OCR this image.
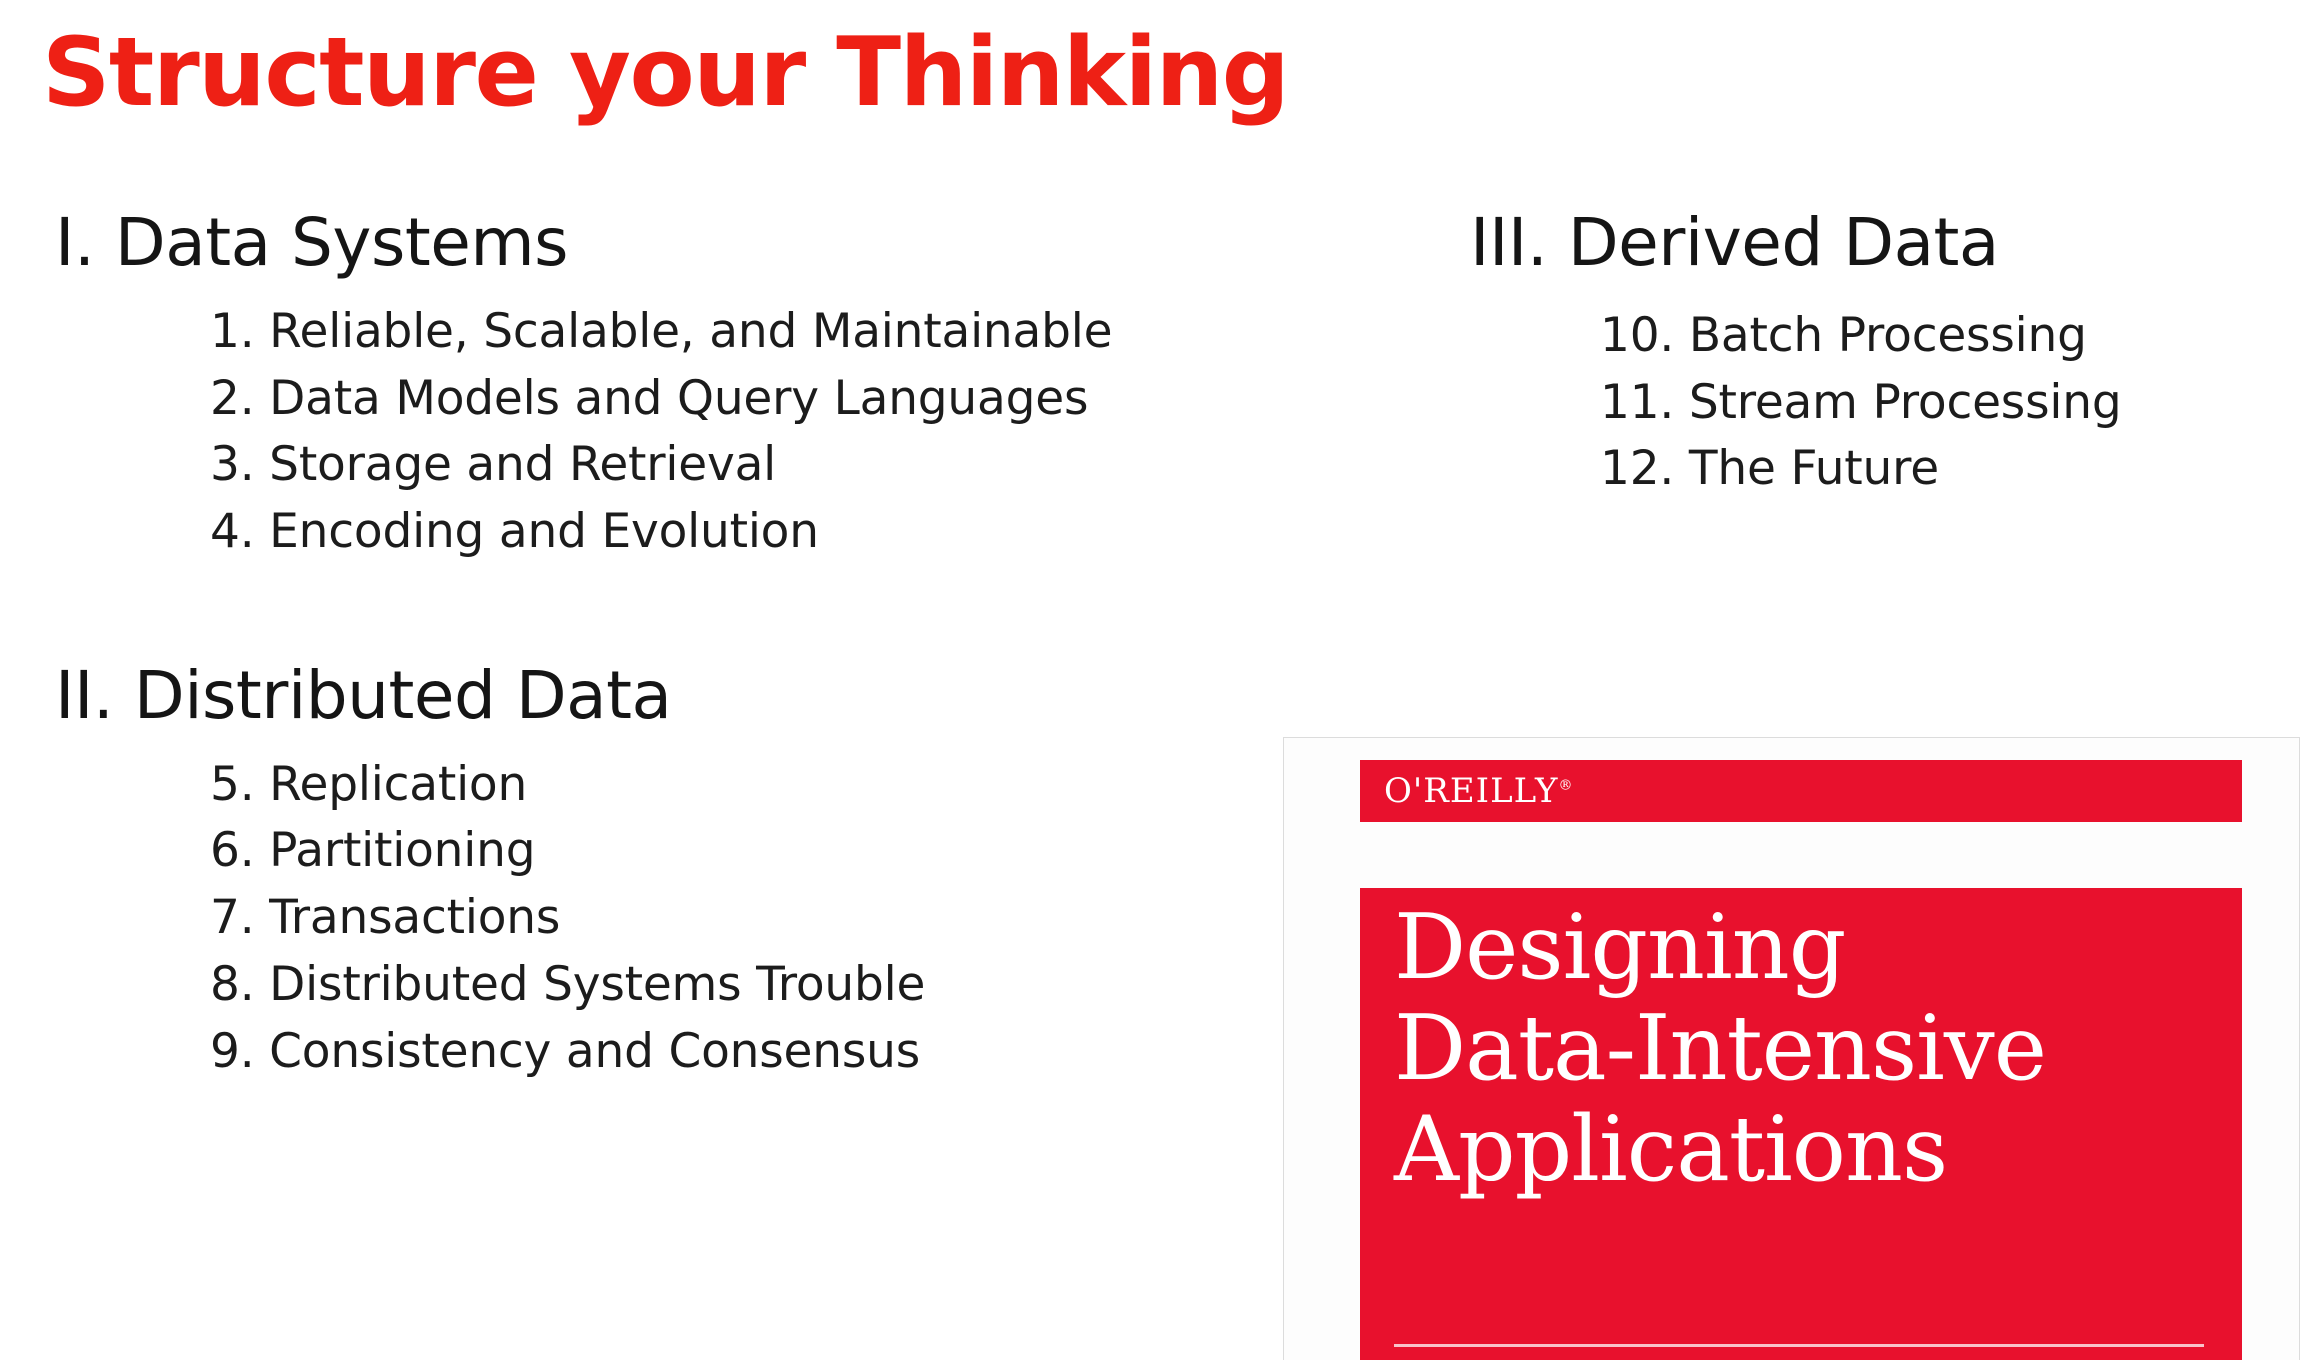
Structure your Thinking
I. Data Systems
1. Reliable, Scalable, and Maintainable
2. Data Models and Query Languages
3. Storage and Retrieval
4. Encoding and Evolution
II. Distributed Data
5. Replication
6. Partitioning
7. Transactions
8. Distributed Systems Trouble
9. Consistency and Consensus
III. Derived Data
10. Batch Processing
11. Stream Processing
12. The Future
O'REILLY®
Designing
Data-Intensive
Applications
